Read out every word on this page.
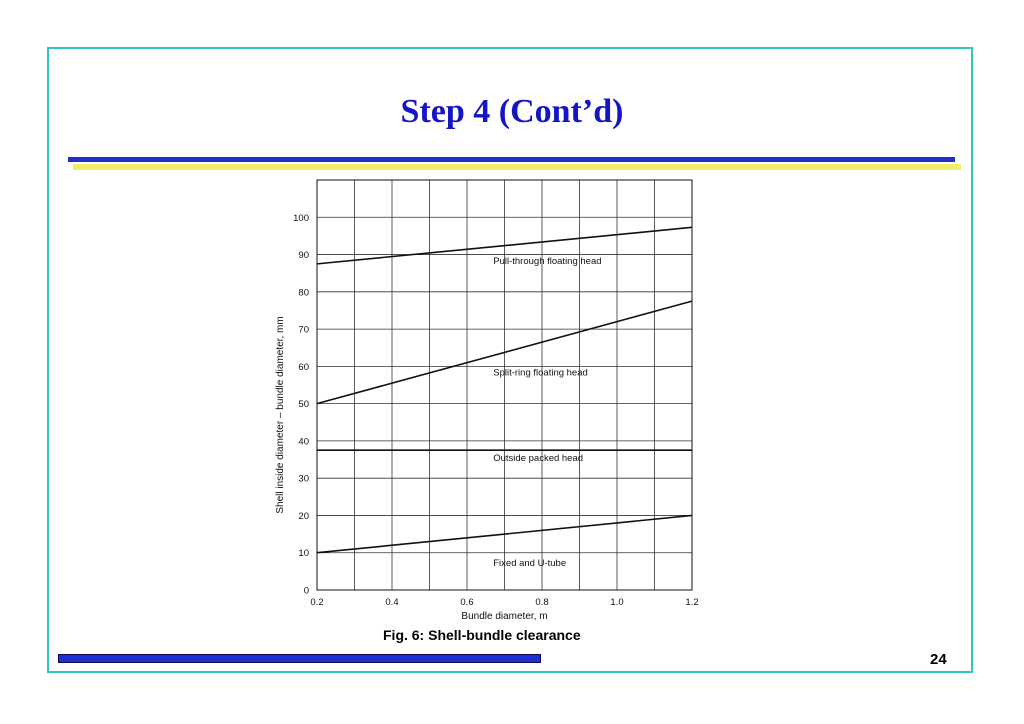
Step 4 (Cont’d)
Pull-through floating head
Split-ring floating head
Outside packed head
Fixed and U-tube
0.2	0.4	0.6	0.8	1.0	1.2
0
10
20
30
40
50
60
70
80
90
100
Bundle diameter, m
Shell inside diameter – bundle diameter, mm
Fig. 6: Shell-bundle clearance
24
